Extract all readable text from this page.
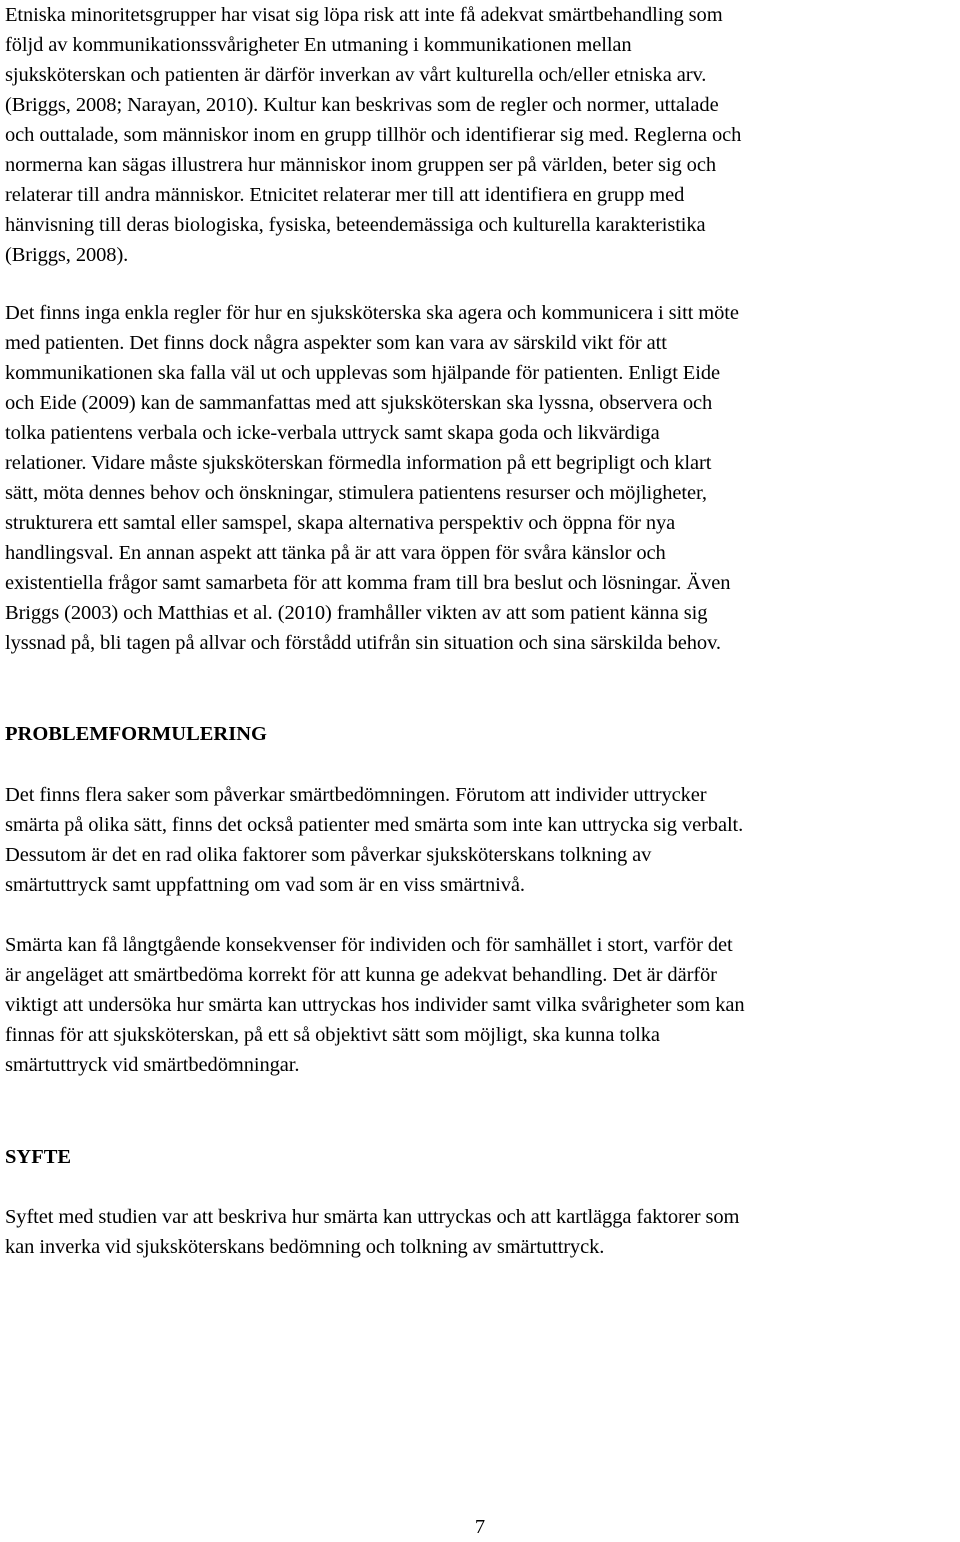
Etniska minoritetsgrupper har visat sig löpa risk att inte få adekvat smärtbehandling som
följd av kommunikationssvårigheter En utmaning i kommunikationen mellan
sjuksköterskan och patienten är därför inverkan av vårt kulturella och/eller etniska arv.
(Briggs, 2008; Narayan, 2010). Kultur kan beskrivas som de regler och normer, uttalade
och outtalade, som människor inom en grupp tillhör och identifierar sig med. Reglerna och
normerna kan sägas illustrera hur människor inom gruppen ser på världen, beter sig och
relaterar till andra människor. Etnicitet relaterar mer till att identifiera en grupp med
hänvisning till deras biologiska, fysiska, beteendemässiga och kulturella karakteristika
(Briggs, 2008).

Det finns inga enkla regler för hur en sjuksköterska ska agera och kommunicera i sitt möte
med patienten. Det finns dock några aspekter som kan vara av särskild vikt för att
kommunikationen ska falla väl ut och upplevas som hjälpande för patienten. Enligt Eide
och Eide (2009) kan de sammanfattas med att sjuksköterskan ska lyssna, observera och
tolka patientens verbala och icke-verbala uttryck samt skapa goda och likvärdiga
relationer. Vidare måste sjuksköterskan förmedla information på ett begripligt och klart
sätt, möta dennes behov och önskningar, stimulera patientens resurser och möjligheter,
strukturera ett samtal eller samspel, skapa alternativa perspektiv och öppna för nya
handlingsval. En annan aspekt att tänka på är att vara öppen för svåra känslor och
existentiella frågor samt samarbeta för att komma fram till bra beslut och lösningar. Även
Briggs (2003) och Matthias et al. (2010) framhåller vikten av att som patient känna sig
lyssnad på, bli tagen på allvar och förstådd utifrån sin situation och sina särskilda behov.

PROBLEMFORMULERING

Det finns flera saker som påverkar smärtbedömningen. Förutom att individer uttrycker
smärta på olika sätt, finns det också patienter med smärta som inte kan uttrycka sig verbalt.
Dessutom är det en rad olika faktorer som påverkar sjuksköterskans tolkning av
smärtuttryck samt uppfattning om vad som är en viss smärtnivå.

Smärta kan få långtgående konsekvenser för individen och för samhället i stort, varför det
är angeläget att smärtbedöma korrekt för att kunna ge adekvat behandling. Det är därför
viktigt att undersöka hur smärta kan uttryckas hos individer samt vilka svårigheter som kan
finnas för att sjuksköterskan, på ett så objektivt sätt som möjligt, ska kunna tolka
smärtuttryck vid smärtbedömningar.

SYFTE

Syftet med studien var att beskriva hur smärta kan uttryckas och att kartlägga faktorer som
kan inverka vid sjuksköterskans bedömning och tolkning av smärtuttryck.

7
